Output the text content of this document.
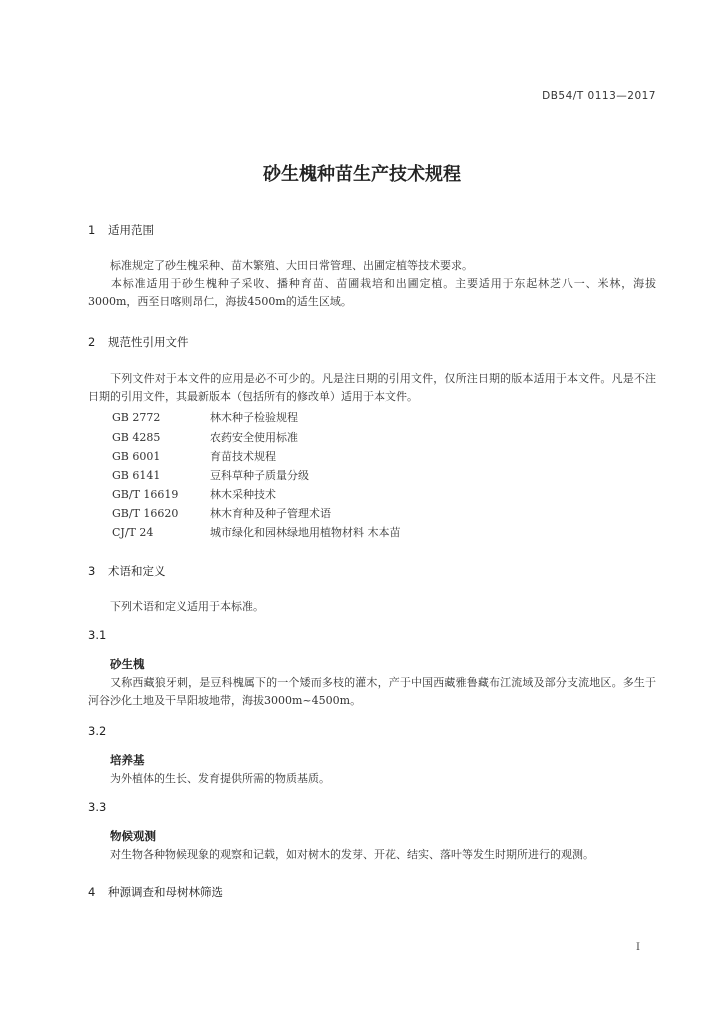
DB54/T 0113—2017
砂生槐种苗生产技术规程
1 适用范围
标准规定了砂生槐采种、苗木繁殖、大田日常管理、出圃定植等技术要求。
本标准适用于砂生槐种子采收、播种育苗、苗圃栽培和出圃定植。主要适用于东起林芝八一、米林，海拔3000m，西至日喀则昂仁，海拔4500m的适生区域。
2 规范性引用文件
下列文件对于本文件的应用是必不可少的。凡是注日期的引用文件，仅所注日期的版本适用于本文件。凡是不注日期的引用文件，其最新版本（包括所有的修改单）适用于本文件。
GB 2772	林木种子检验规程
GB 4285	农药安全使用标准
GB 6001	育苗技术规程
GB 6141	豆科草种子质量分级
GB/T 16619	林木采种技术
GB/T 16620	林木育种及种子管理术语
CJ/T 24	城市绿化和园林绿地用植物材料 木本苗
3 术语和定义
下列术语和定义适用于本标准。
3.1
砂生槐
又称西藏狼牙刺，是豆科槐属下的一个矮而多枝的灌木，产于中国西藏雅鲁藏布江流域及部分支流地区。多生于河谷沙化土地及干旱阳坡地带，海拔3000m~4500m。
3.2
培养基
为外植体的生长、发育提供所需的物质基质。
3.3
物候观测
对生物各种物候现象的观察和记载，如对树木的发芽、开花、结实、落叶等发生时期所进行的观测。
4 种源调查和母树林筛选
I
